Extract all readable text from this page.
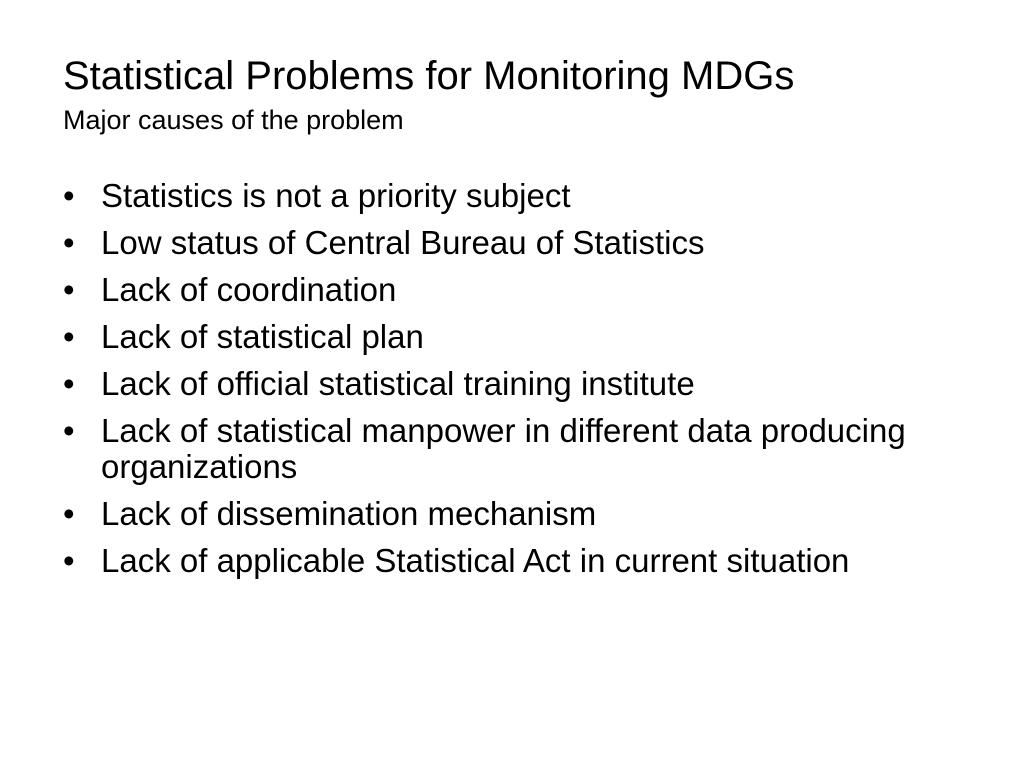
Statistical Problems for Monitoring MDGs
Major causes of the problem
• Statistics is not a priority subject
• Low status of Central Bureau of Statistics
• Lack of coordination
• Lack of statistical plan
• Lack of official statistical training institute
• Lack of statistical manpower in different data producing organizations
• Lack of dissemination mechanism
• Lack of applicable Statistical Act in current situation
